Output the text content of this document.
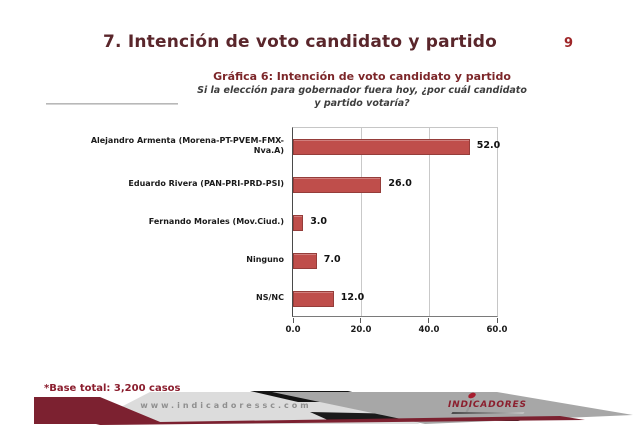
7. Intención de voto candidato y partido	9
Gráfica 6: Intención de voto candidato y partido
Si la elección para gobernador fuera hoy, ¿por cuál candidato y partido votaría?
Alejandro Armenta (Morena-PT-PVEM-FMX-Nva.A)
Eduardo Rivera (PAN-PRI-PRD-PSI)
Fernando Morales (Mov.Ciud.)
Ninguno
NS/NC
0.0	20.0	40.0	60.0
52.0
26.0
3.0
7.0
12.0
*Base total: 3,200 casos
www.indicadoressc.com	INDICADORES
